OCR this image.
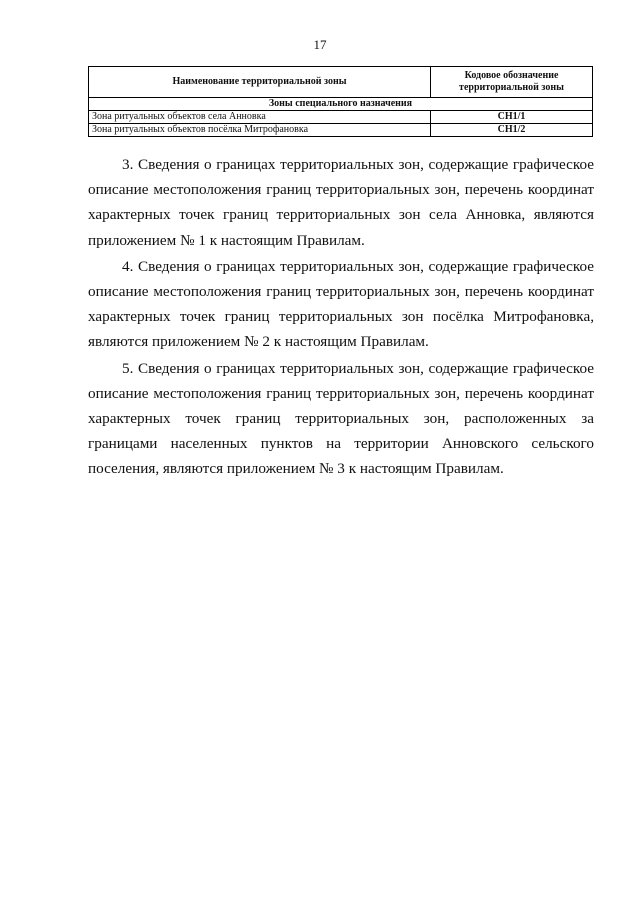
17
Наименование территориальной зоны	Кодовое обозначение территориальной зоны
Зоны специального назначения	
Зона ритуальных объектов села Анновка	СН1/1
Зона ритуальных объектов посёлка Митрофановка	СН1/2

3. Сведения о границах территориальных зон, содержащие графическое описание местоположения границ территориальных зон, перечень координат характерных точек границ территориальных зон села Анновка, являются приложением № 1 к настоящим Правилам.

4. Сведения о границах территориальных зон, содержащие графическое описание местоположения границ территориальных зон, перечень координат характерных точек границ территориальных зон посёлка Митрофановка, являются приложением № 2 к настоящим Правилам.

5. Сведения о границах территориальных зон, содержащие графическое описание местоположения границ территориальных зон, перечень координат характерных точек границ территориальных зон, расположенных за границами населенных пунктов на территории Анновского сельского поселения, являются приложением № 3 к настоящим Правилам.
